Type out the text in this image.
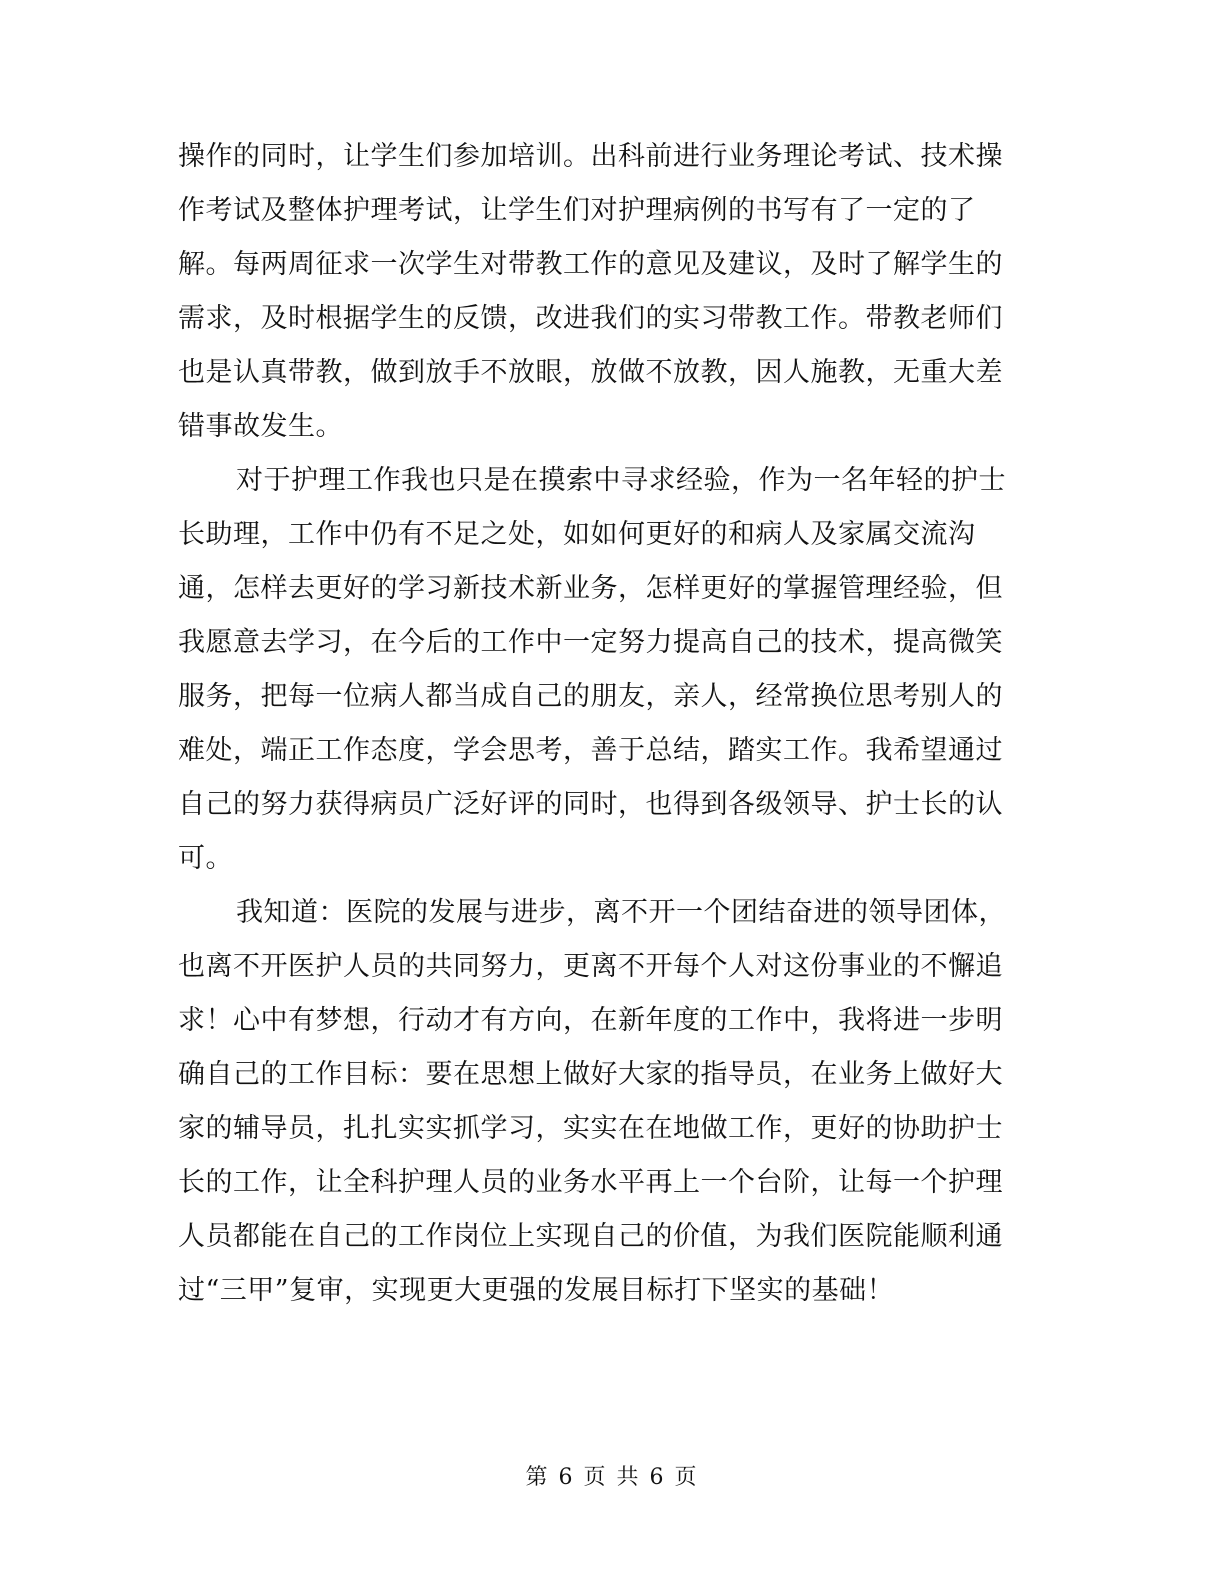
操作的同时，让学生们参加培训。出科前进行业务理论考试、技术操
作考试及整体护理考试，让学生们对护理病例的书写有了一定的了
解。每两周征求一次学生对带教工作的意见及建议，及时了解学生的
需求，及时根据学生的反馈，改进我们的实习带教工作。带教老师们
也是认真带教，做到放手不放眼，放做不放教，因人施教，无重大差
错事故发生。

对于护理工作我也只是在摸索中寻求经验，作为一名年轻的护士
长助理，工作中仍有不足之处，如如何更好的和病人及家属交流沟
通，怎样去更好的学习新技术新业务，怎样更好的掌握管理经验，但
我愿意去学习，在今后的工作中一定努力提高自己的技术，提高微笑
服务，把每一位病人都当成自己的朋友，亲人，经常换位思考别人的
难处，端正工作态度，学会思考，善于总结，踏实工作。我希望通过
自己的努力获得病员广泛好评的同时，也得到各级领导、护士长的认
可。

我知道：医院的发展与进步，离不开一个团结奋进的领导团体，
也离不开医护人员的共同努力，更离不开每个人对这份事业的不懈追
求！心中有梦想，行动才有方向，在新年度的工作中，我将进一步明
确自己的工作目标：要在思想上做好大家的指导员，在业务上做好大
家的辅导员，扎扎实实抓学习，实实在在地做工作，更好的协助护士
长的工作，让全科护理人员的业务水平再上一个台阶，让每一个护理
人员都能在自己的工作岗位上实现自己的价值，为我们医院能顺利通
过“三甲”复审，实现更大更强的发展目标打下坚实的基础！

第 6 页 共 6 页
